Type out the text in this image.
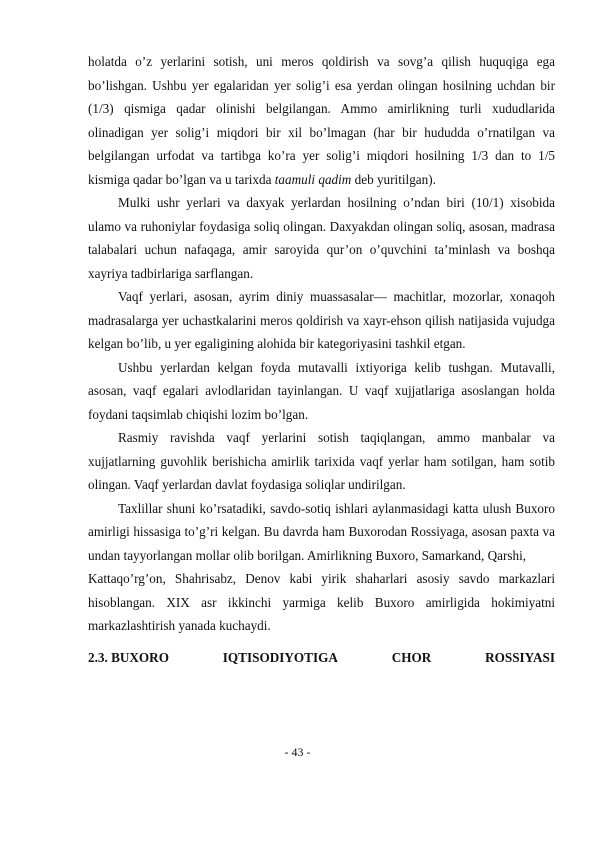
holatda o’z yerlarini sotish, uni meros qoldirish va sovg’a qilish huquqiga ega bo’lishgan. Ushbu yer egalaridan yer solig’i esa yerdan olingan hosilning uchdan bir (1/3) qismiga qadar olinishi belgilangan. Ammo amirlikning turli xududlarida olinadigan yer solig’i miqdori bir xil bo’lmagan (har bir hududda o’rnatilgan va belgilangan urfodat va tartibga ko’ra yer solig’i miqdori hosilning 1/3 dan to 1/5 kismiga qadar bo’lgan va u tarixda taamuli qadim deb yuritilgan).

Mulki ushr yerlari va daxyak yerlardan hosilning o’ndan biri (10/1) xisobida ulamo va ruhoniylar foydasiga soliq olingan. Daxyakdan olingan soliq, asosan, madrasa talabalari uchun nafaqaga, amir saroyida qur’on o’quvchini ta’minlash va boshqa xayriya tadbirlariga sarflangan.

Vaqf yerlari, asosan, ayrim diniy muassasalar— machitlar, mozorlar, xonaqoh madrasalarga yer uchastkalarini meros qoldirish va xayr-ehson qilish natijasida vujudga kelgan bo’lib, u yer egaligining alohida bir kategoriyasini tashkil etgan.

Ushbu yerlardan kelgan foyda mutavalli ixtiyoriga kelib tushgan. Mutavalli, asosan, vaqf egalari avlodlaridan tayinlangan. U vaqf xujjatlariga asoslangan holda foydani taqsimlab chiqishi lozim bo’lgan.

Rasmiy ravishda vaqf yerlarini sotish taqiqlangan, ammo manbalar va xujjatlarning guvohlik berishicha amirlik tarixida vaqf yerlar ham sotilgan, ham sotib olingan. Vaqf yerlardan davlat foydasiga soliqlar undirilgan.

Taxlillar shuni ko’rsatadiki, savdo-sotiq ishlari aylanmasidagi katta ulush Buxoro amirligi hissasiga to’g’ri kelgan. Bu davrda ham Buxorodan Rossiyaga, asosan paxta va undan tayyorlangan mollar olib borilgan. Amirlikning Buxoro, Samarkand, Qarshi,

Kattaqo’rg’on, Shahrisabz, Denov kabi yirik shaharlari asosiy savdo markazlari hisoblangan. XIX asr ikkinchi yarmiga kelib Buxoro amirligida hokimiyatni markazlashtirish yanada kuchaydi.

2.3. BUXORO	IQTISODIYOTIGA	CHOR	ROSSIYASI
- 43 -
